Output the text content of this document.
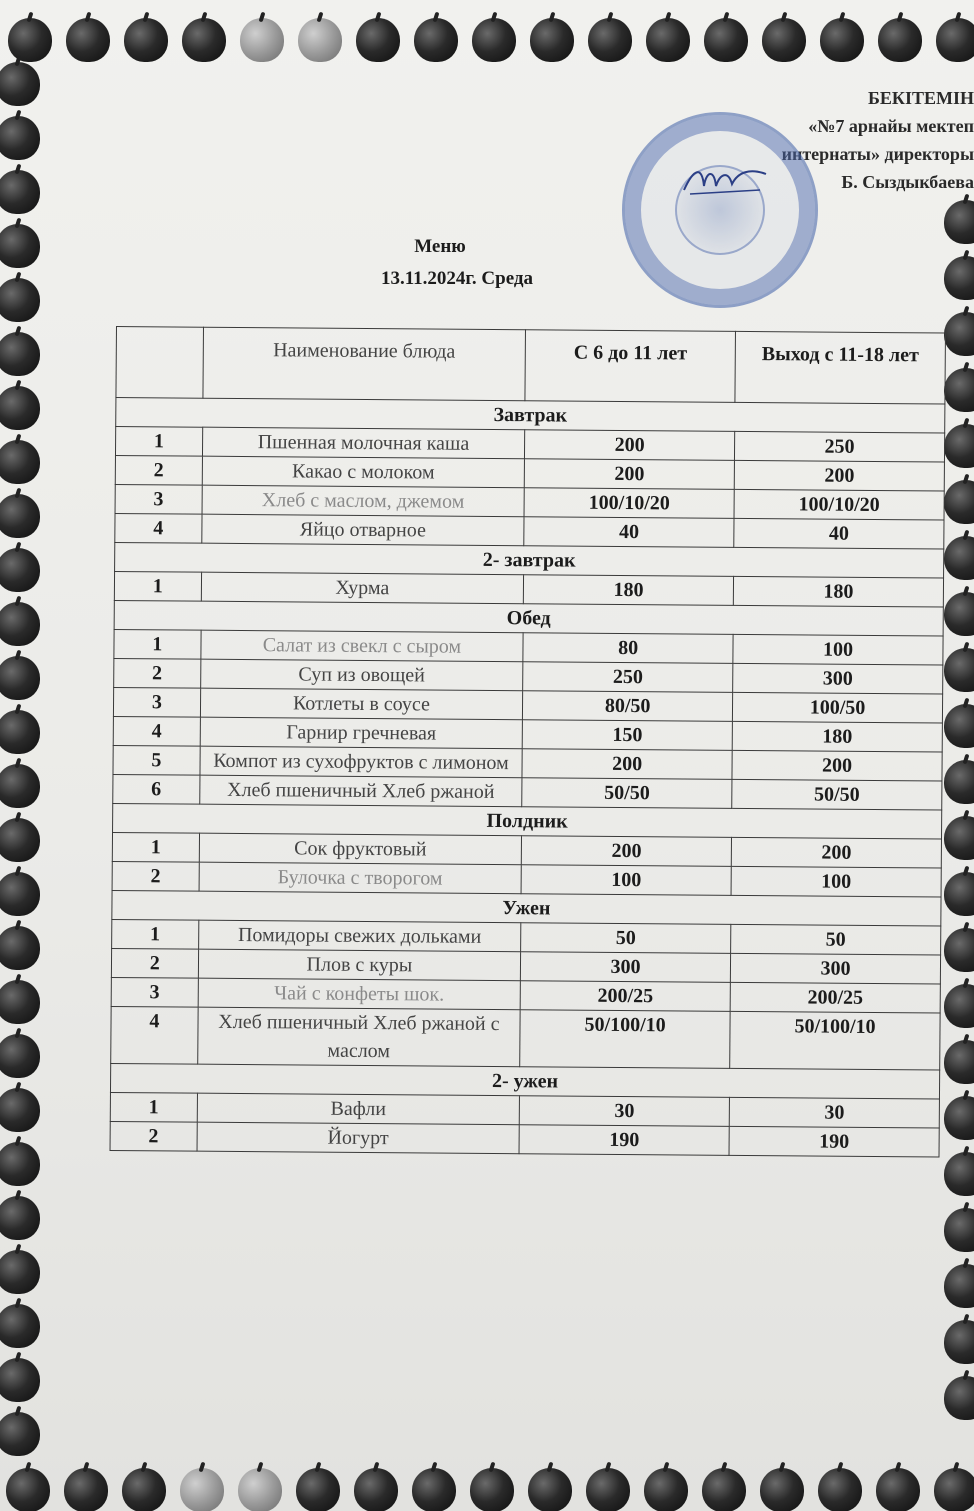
БЕКІТЕМІН
«№7 арнайы мектеп
интернаты» директоры
Б. Сыздыкбаева
Меню
13.11.2024г. Среда
	Наименование блюда	С 6 до 11 лет	Выход с 11-18 лет
Завтрак			
1	Пшенная молочная каша	200	250
2	Какао с молоком	200	200
3	Хлеб с маслом, джемом	100/10/20	100/10/20
4	Яйцо отварное	40	40
2- завтрак			
1	Хурма	180	180
Обед			
1	Салат из свекл с сыром	80	100
2	Суп из овощей	250	300
3	Котлеты в соусе	80/50	100/50
4	Гарнир гречневая	150	180
5	Компот из сухофруктов с лимоном	200	200
6	Хлеб пшеничный Хлеб ржаной	50/50	50/50
Полдник			
1	Сок фруктовый	200	200
2	Булочка с творогом	100	100
Ужен			
1	Помидоры свежих дольками	50	50
2	Плов с куры	300	300
3	Чай с конфеты шок.	200/25	200/25
4	Хлеб пшеничный Хлеб ржаной с маслом	50/100/10	50/100/10
2- ужен			
1	Вафли	30	30
2	Йогурт	190	190
